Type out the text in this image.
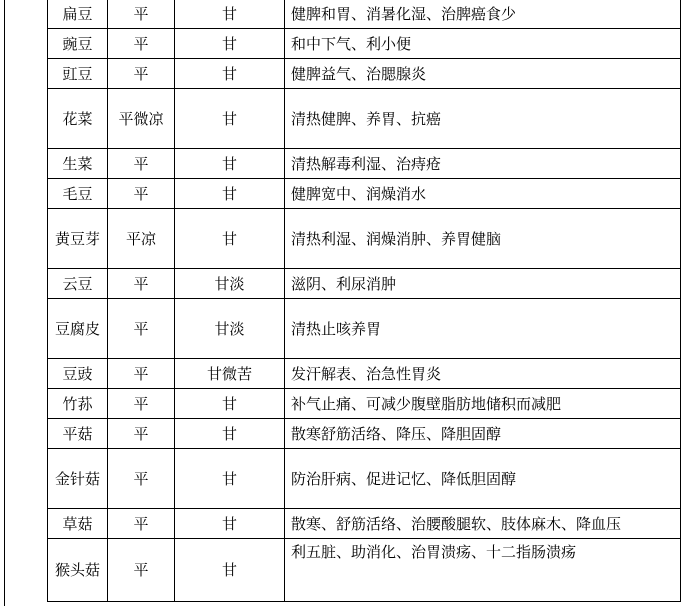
扁豆	平	甘	健脾和胃、消暑化湿、治脾癌食少
豌豆	平	甘	和中下气、利小便
豇豆	平	甘	健脾益气、治腮腺炎
花菜	平微凉	甘	清热健脾、养胃、抗癌
生菜	平	甘	清热解毒利湿、治痔疮
毛豆	平	甘	健脾宽中、润燥消水
黄豆芽	平凉	甘	清热利湿、润燥消肿、养胃健脑
云豆	平	甘淡	滋阴、利尿消肿
豆腐皮	平	甘淡	清热止咳养胃
豆豉	平	甘微苦	发汗解表、治急性胃炎
竹荪	平	甘	补气止痛、可减少腹壁脂肪地储积而减肥
平菇	平	甘	散寒舒筋活络、降压、降胆固醇
金针菇	平	甘	防治肝病、促进记忆、降低胆固醇
草菇	平	甘	散寒、舒筋活络、治腰酸腿软、肢体麻木、降血压
猴头菇	平	甘	利五脏、助消化、治胃溃疡、十二指肠溃疡
